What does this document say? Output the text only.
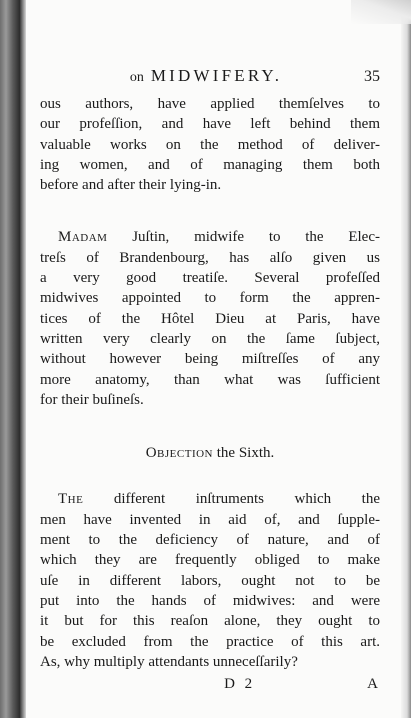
on MIDWIFERY.	35

ous authors, have applied themſelves to
our profeſſion, and have left behind them
valuable works on the method of deliver-
ing women, and of managing them both
before and after their lying-in.

Madam Juſtin, midwife to the Elec-
treſs of Brandenbourg, has alſo given us
a very good treatiſe. Several profeſſed
midwives appointed to form the appren-
tices of the Hôtel Dieu at Paris, have
written very clearly on the ſame ſubject,
without however being miſtreſſes of any
more anatomy, than what was ſufficient
for their buſineſs.

Objection the Sixth.

The different inſtruments which the
men have invented in aid of, and ſupple-
ment to the deficiency of nature, and of
which they are frequently obliged to make
uſe in different labors, ought not to be
put into the hands of midwives: and were
it but for this reaſon alone, they ought to
be excluded from the practice of this art.
As, why multiply attendants unneceſſarily?

D 2	A
